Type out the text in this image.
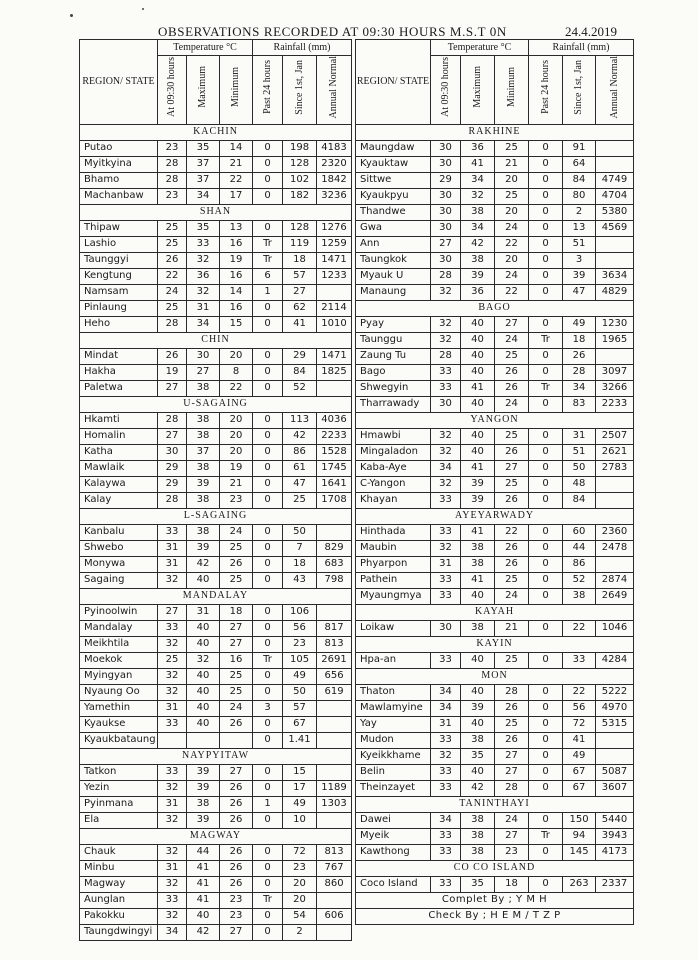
OBSERVATIONS RECORDED AT 09:30 HOURS M.S.T 0N	24.4.2019
REGION/ STATE	Temperature °C			Rainfall (mm)		
	At 09:30 hours	Maximum	Minimum	Past 24 hours	Since 1st, Jan	Annual Normal
KACHIN						
Putao	23	35	14	0	198	4183
Myitkyina	28	37	21	0	128	2320
Bhamo	28	37	22	0	102	1842
Machanbaw	23	34	17	0	182	3236
SHAN						
Thipaw	25	35	13	0	128	1276
Lashio	25	33	16	Tr	119	1259
Taunggyi	26	32	19	Tr	18	1471
Kengtung	22	36	16	6	57	1233
Namsam	24	32	14	1	27	
Pinlaung	25	31	16	0	62	2114
Heho	28	34	15	0	41	1010
CHIN						
Mindat	26	30	20	0	29	1471
Hakha	19	27	8	0	84	1825
Paletwa	27	38	22	0	52	
U-SAGAING						
Hkamti	28	38	20	0	113	4036
Homalin	27	38	20	0	42	2233
Katha	30	37	20	0	86	1528
Mawlaik	29	38	19	0	61	1745
Kalaywa	29	39	21	0	47	1641
Kalay	28	38	23	0	25	1708
L-SAGAING						
Kanbalu	33	38	24	0	50	
Shwebo	31	39	25	0	7	829
Monywa	31	42	26	0	18	683
Sagaing	32	40	25	0	43	798
MANDALAY						
Pyinoolwin	27	31	18	0	106	
Mandalay	33	40	27	0	56	817
Meikhtila	32	40	27	0	23	813
Moekok	25	32	16	Tr	105	2691
Myingyan	32	40	25	0	49	656
Nyaung Oo	32	40	25	0	50	619
Yamethin	31	40	24	3	57	
Kyaukse	33	40	26	0	67	
Kyaukbataung				0	1.41	
NAYPYITAW						
Tatkon	33	39	27	0	15	
Yezin	32	39	26	0	17	1189
Pyinmana	31	38	26	1	49	1303
Ela	32	39	26	0	10	
MAGWAY						
Chauk	32	44	26	0	72	813
Minbu	31	41	26	0	23	767
Magway	32	41	26	0	20	860
Aunglan	33	41	23	Tr	20	
Pakokku	32	40	23	0	54	606
Taungdwingyi	34	42	27	0	2	
REGION/ STATE	Temperature °C			Rainfall (mm)		
	At 09:30 hours	Maximum	Minimum	Past 24 hours	Since 1st, Jan	Annual Normal
RAKHINE						
Maungdaw	30	36	25	0	91	
Kyauktaw	30	41	21	0	64	
Sittwe	29	34	20	0	84	4749
Kyaukpyu	30	32	25	0	80	4704
Thandwe	30	38	20	0	2	5380
Gwa	30	34	24	0	13	4569
Ann	27	42	22	0	51	
Taungkok	30	38	20	0	3	
Myauk U	28	39	24	0	39	3634
Manaung	32	36	22	0	47	4829
BAGO						
Pyay	32	40	27	0	49	1230
Taunggu	32	40	24	Tr	18	1965
Zaung Tu	28	40	25	0	26	
Bago	33	40	26	0	28	3097
Shwegyin	33	41	26	Tr	34	3266
Tharrawady	30	40	24	0	83	2233
YANGON						
Hmawbi	32	40	25	0	31	2507
Mingaladon	32	40	26	0	51	2621
Kaba-Aye	34	41	27	0	50	2783
C-Yangon	32	39	25	0	48	
Khayan	33	39	26	0	84	
AYEYARWADY						
Hinthada	33	41	22	0	60	2360
Maubin	32	38	26	0	44	2478
Phyarpon	31	38	26	0	86	
Pathein	33	41	25	0	52	2874
Myaungmya	33	40	24	0	38	2649
KAYAH						
Loikaw	30	38	21	0	22	1046
KAYIN						
Hpa-an	33	40	25	0	33	4284
MON						
Thaton	34	40	28	0	22	5222
Mawlamyine	34	39	26	0	56	4970
Yay	31	40	25	0	72	5315
Mudon	33	38	26	0	41	
Kyeikkhame	32	35	27	0	49	
Belin	33	40	27	0	67	5087
Theinzayet	33	42	28	0	67	3607
TANINTHAYI						
Dawei	34	38	24	0	150	5440
Myeik	33	38	27	Tr	94	3943
Kawthong	33	38	23	0	145	4173
CO CO ISLAND						
Coco Island	33	35	18	0	263	2337
Complet By ; Y M H						
Check By ; H E M / T Z P						
